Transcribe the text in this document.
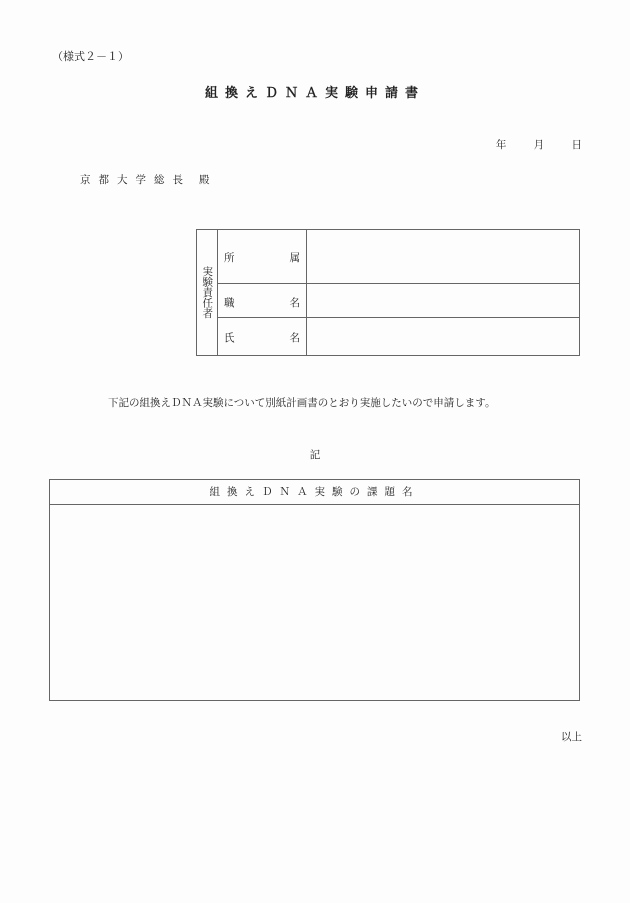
（様式２－１）
組換えＤＮＡ実験申請書
年	月	日
京都大学総長 殿
実験責任者
所	属
職	名
氏	名
下記の組換えＤＮＡ実験について別紙計画書のとおり実施したいので申請します。
記
組換えＤＮＡ実験の課題名
以上
